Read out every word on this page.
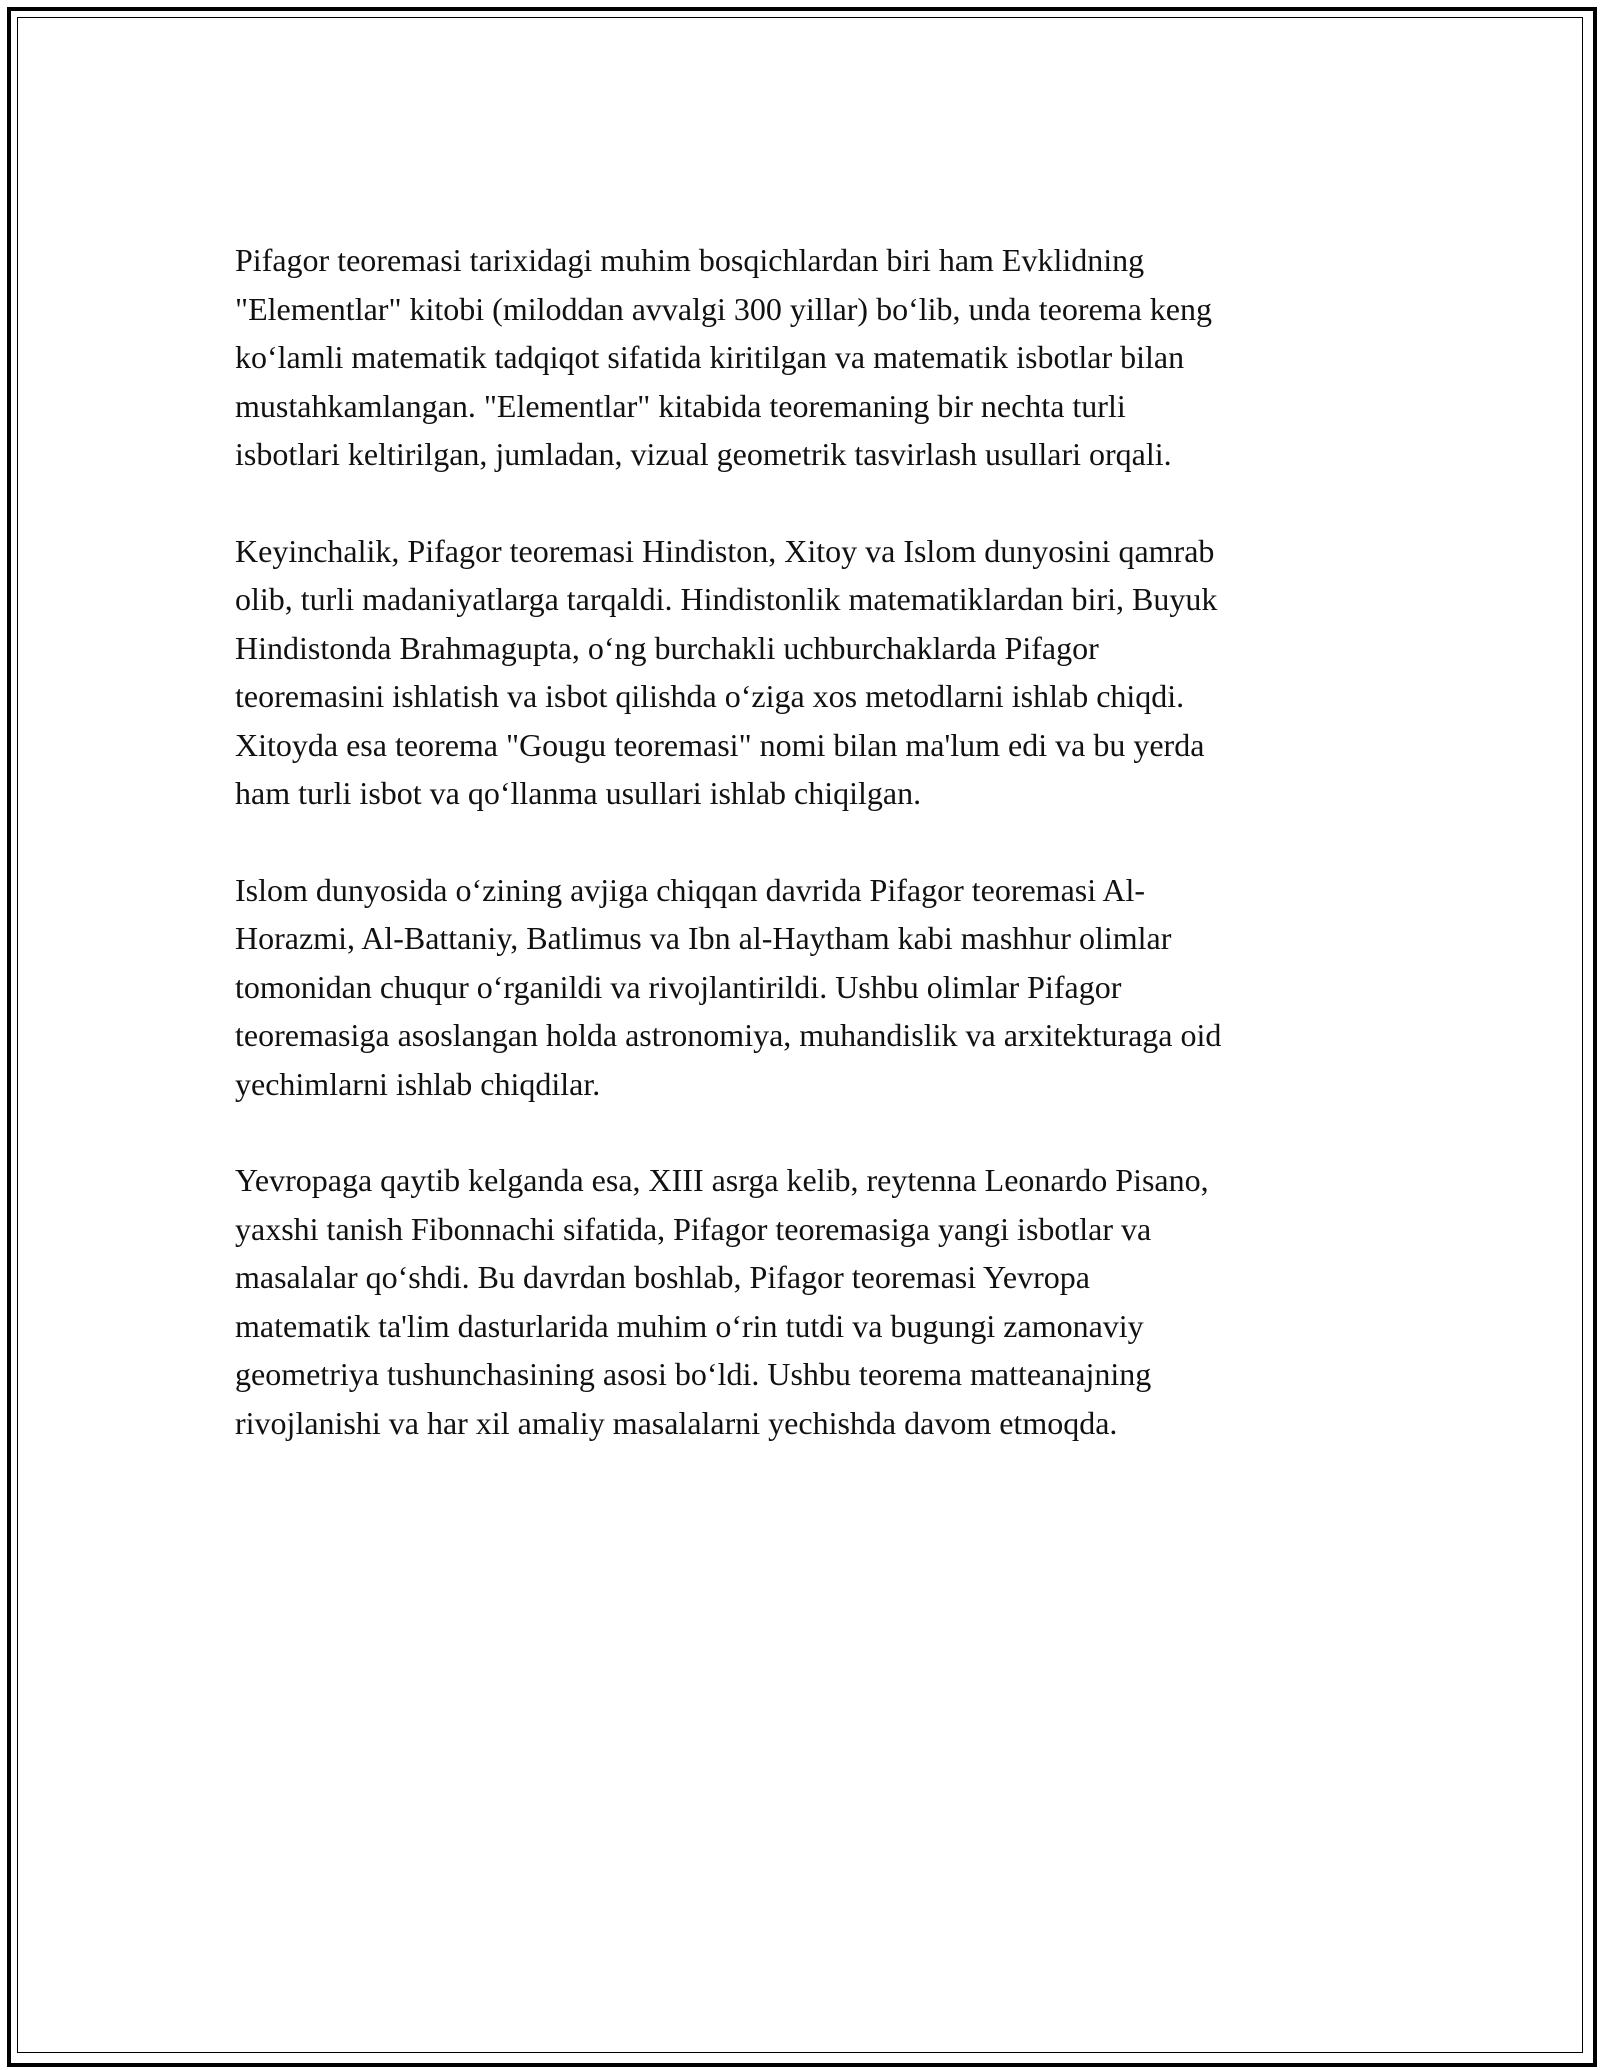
Pifagor teoremasi tarixidagi muhim bosqichlardan biri ham Evklidning
"Elementlar" kitobi (miloddan avvalgi 300 yillar) bo‘lib, unda teorema keng
ko‘lamli matematik tadqiqot sifatida kiritilgan va matematik isbotlar bilan
mustahkamlangan. "Elementlar" kitabida teoremaning bir nechta turli
isbotlari keltirilgan, jumladan, vizual geometrik tasvirlash usullari orqali.

Keyinchalik, Pifagor teoremasi Hindiston, Xitoy va Islom dunyosini qamrab
olib, turli madaniyatlarga tarqaldi. Hindistonlik matematiklardan biri, Buyuk
Hindistonda Brahmagupta, o‘ng burchakli uchburchaklarda Pifagor
teoremasini ishlatish va isbot qilishda o‘ziga xos metodlarni ishlab chiqdi.
Xitoyda esa teorema "Gougu teoremasi" nomi bilan ma'lum edi va bu yerda
ham turli isbot va qo‘llanma usullari ishlab chiqilgan.

Islom dunyosida o‘zining avjiga chiqqan davrida Pifagor teoremasi Al-
Horazmi, Al-Battaniy, Batlimus va Ibn al-Haytham kabi mashhur olimlar
tomonidan chuqur o‘rganildi va rivojlantirildi. Ushbu olimlar Pifagor
teoremasiga asoslangan holda astronomiya, muhandislik va arxitekturaga oid
yechimlarni ishlab chiqdilar.

Yevropaga qaytib kelganda esa, XIII asrga kelib, reytenna Leonardo Pisano,
yaxshi tanish Fibonnachi sifatida, Pifagor teoremasiga yangi isbotlar va
masalalar qo‘shdi. Bu davrdan boshlab, Pifagor teoremasi Yevropa
matematik ta'lim dasturlarida muhim o‘rin tutdi va bugungi zamonaviy
geometriya tushunchasining asosi bo‘ldi. Ushbu teorema matteanajning
rivojlanishi va har xil amaliy masalalarni yechishda davom etmoqda.
